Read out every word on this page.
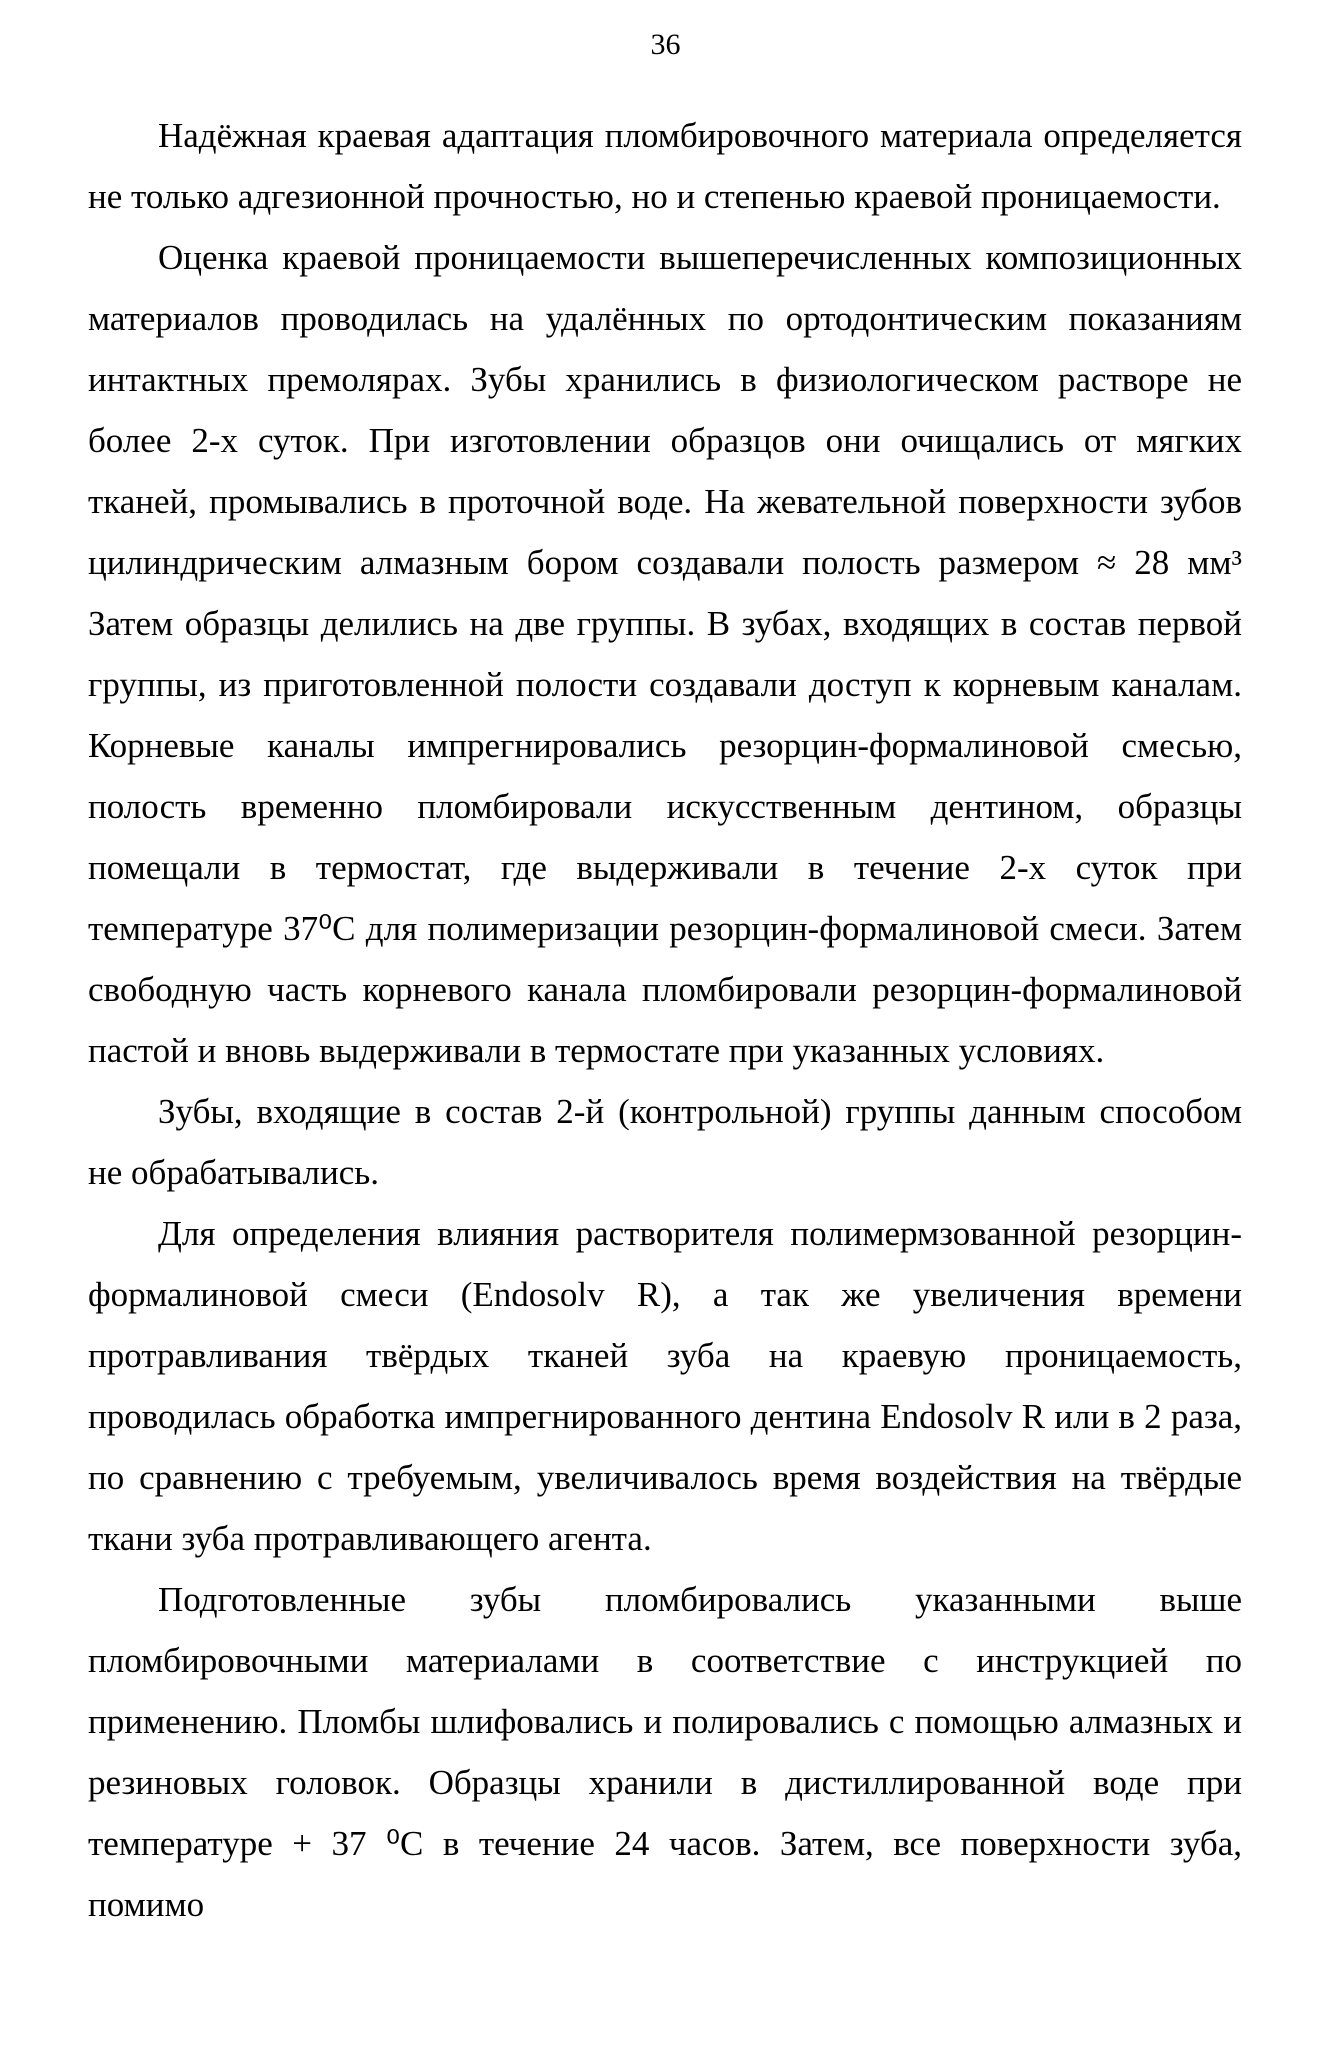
36

Надёжная краевая адаптация пломбировочного материала определяется не только адгезионной прочностью, но и степенью краевой проницаемости.

Оценка краевой проницаемости вышеперечисленных композиционных материалов проводилась на удалённых по ортодонтическим показаниям интактных премолярах. Зубы хранились в физиологическом растворе не более 2-х суток. При изготовлении образцов они очищались от мягких тканей, промывались в проточной воде. На жевательной поверхности зубов цилиндрическим алмазным бором создавали полость размером ≈ 28 мм³ Затем образцы делились на две группы. В зубах, входящих в состав первой группы, из приготовленной полости создавали доступ к корневым каналам. Корневые каналы импрегнировались резорцин-формалиновой смесью, полость временно пломбировали искусственным дентином, образцы помещали в термостат, где выдерживали в течение 2-х суток при температуре 37⁰С для полимеризации резорцин-формалиновой смеси. Затем свободную часть корневого канала пломбировали резорцин-формалиновой пастой и вновь выдерживали в термостате при указанных условиях.

Зубы, входящие в состав 2-й (контрольной) группы данным способом не обрабатывались.

Для определения влияния растворителя полимермзованной резорцин-формалиновой смеси (Endosolv R), а так же увеличения времени протравливания твёрдых тканей зуба на краевую проницаемость, проводилась обработка импрегнированного дентина Endosolv R или в 2 раза, по сравнению с требуемым, увеличивалось время воздействия на твёрдые ткани зуба протравливающего агента.

Подготовленные зубы пломбировались указанными выше пломбировочными материалами в соответствие с инструкцией по применению. Пломбы шлифовались и полировались с помощью алмазных и резиновых головок. Образцы хранили в дистиллированной воде при температуре + 37 ⁰С в течение 24 часов. Затем, все поверхности зуба, помимо
